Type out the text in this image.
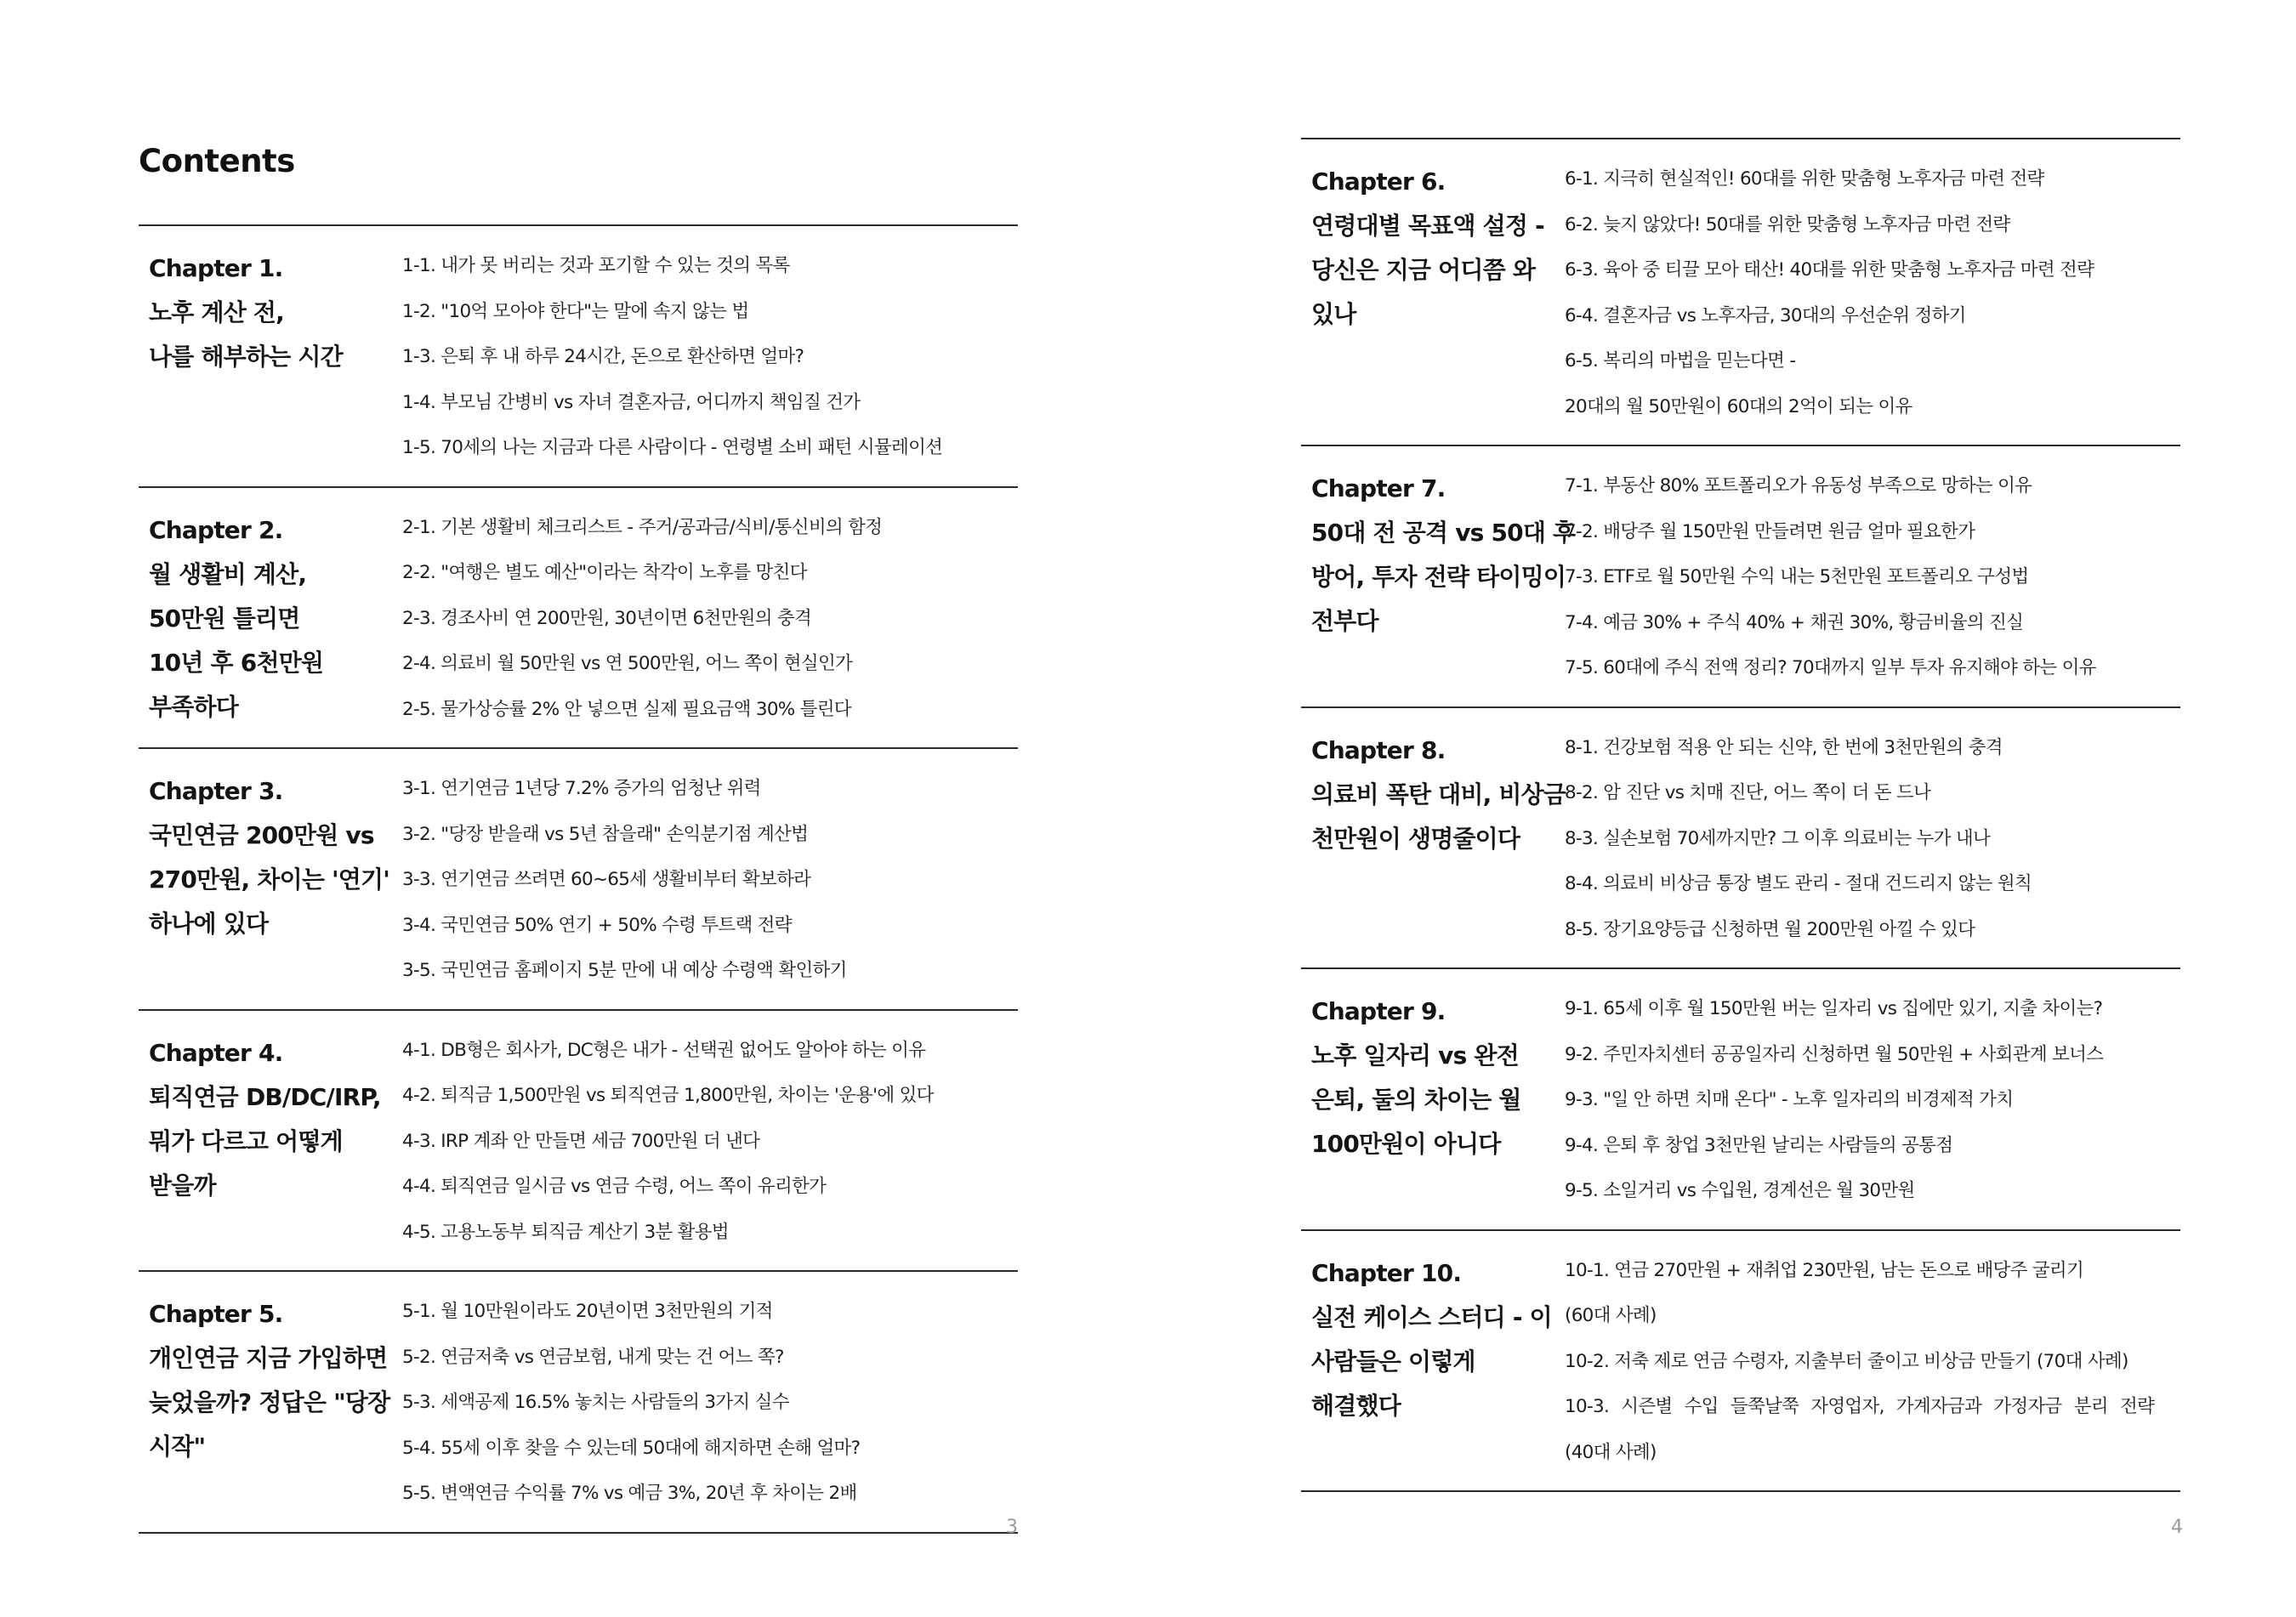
Contents
Chapter 1.
노후 계산 전,
나를 해부하는 시간
1-1. 내가 못 버리는 것과 포기할 수 있는 것의 목록
1-2. "10억 모아야 한다"는 말에 속지 않는 법
1-3. 은퇴 후 내 하루 24시간, 돈으로 환산하면 얼마?
1-4. 부모님 간병비 vs 자녀 결혼자금, 어디까지 책임질 건가
1-5. 70세의 나는 지금과 다른 사람이다 - 연령별 소비 패턴 시뮬레이션
Chapter 2.
월 생활비 계산,
50만원 틀리면
10년 후 6천만원
부족하다
2-1. 기본 생활비 체크리스트 - 주거/공과금/식비/통신비의 함정
2-2. "여행은 별도 예산"이라는 착각이 노후를 망친다
2-3. 경조사비 연 200만원, 30년이면 6천만원의 충격
2-4. 의료비 월 50만원 vs 연 500만원, 어느 쪽이 현실인가
2-5. 물가상승률 2% 안 넣으면 실제 필요금액 30% 틀린다
Chapter 3.
국민연금 200만원 vs
270만원, 차이는 '연기'
하나에 있다
3-1. 연기연금 1년당 7.2% 증가의 엄청난 위력
3-2. "당장 받을래 vs 5년 참을래" 손익분기점 계산법
3-3. 연기연금 쓰려면 60~65세 생활비부터 확보하라
3-4. 국민연금 50% 연기 + 50% 수령 투트랙 전략
3-5. 국민연금 홈페이지 5분 만에 내 예상 수령액 확인하기
Chapter 4.
퇴직연금 DB/DC/IRP,
뭐가 다르고 어떻게
받을까
4-1. DB형은 회사가, DC형은 내가 - 선택권 없어도 알아야 하는 이유
4-2. 퇴직금 1,500만원 vs 퇴직연금 1,800만원, 차이는 '운용'에 있다
4-3. IRP 계좌 안 만들면 세금 700만원 더 낸다
4-4. 퇴직연금 일시금 vs 연금 수령, 어느 쪽이 유리한가
4-5. 고용노동부 퇴직금 계산기 3분 활용법
Chapter 5.
개인연금 지금 가입하면
늦었을까? 정답은 "당장
시작"
5-1. 월 10만원이라도 20년이면 3천만원의 기적
5-2. 연금저축 vs 연금보험, 내게 맞는 건 어느 쪽?
5-3. 세액공제 16.5% 놓치는 사람들의 3가지 실수
5-4. 55세 이후 찾을 수 있는데 50대에 해지하면 손해 얼마?
5-5. 변액연금 수익률 7% vs 예금 3%, 20년 후 차이는 2배
3
Chapter 6.
연령대별 목표액 설정 -
당신은 지금 어디쯤 와
있나
6-1. 지극히 현실적인! 60대를 위한 맞춤형 노후자금 마련 전략
6-2. 늦지 않았다! 50대를 위한 맞춤형 노후자금 마련 전략
6-3. 육아 중 티끌 모아 태산! 40대를 위한 맞춤형 노후자금 마련 전략
6-4. 결혼자금 vs 노후자금, 30대의 우선순위 정하기
6-5. 복리의 마법을 믿는다면 -
20대의 월 50만원이 60대의 2억이 되는 이유
Chapter 7.
50대 전 공격 vs 50대 후
방어, 투자 전략 타이밍이
전부다
7-1. 부동산 80% 포트폴리오가 유동성 부족으로 망하는 이유
7-2. 배당주 월 150만원 만들려면 원금 얼마 필요한가
7-3. ETF로 월 50만원 수익 내는 5천만원 포트폴리오 구성법
7-4. 예금 30% + 주식 40% + 채권 30%, 황금비율의 진실
7-5. 60대에 주식 전액 정리? 70대까지 일부 투자 유지해야 하는 이유
Chapter 8.
의료비 폭탄 대비, 비상금
천만원이 생명줄이다
8-1. 건강보험 적용 안 되는 신약, 한 번에 3천만원의 충격
8-2. 암 진단 vs 치매 진단, 어느 쪽이 더 돈 드나
8-3. 실손보험 70세까지만? 그 이후 의료비는 누가 내나
8-4. 의료비 비상금 통장 별도 관리 - 절대 건드리지 않는 원칙
8-5. 장기요양등급 신청하면 월 200만원 아낄 수 있다
Chapter 9.
노후 일자리 vs 완전
은퇴, 둘의 차이는 월
100만원이 아니다
9-1. 65세 이후 월 150만원 버는 일자리 vs 집에만 있기, 지출 차이는?
9-2. 주민자치센터 공공일자리 신청하면 월 50만원 + 사회관계 보너스
9-3. "일 안 하면 치매 온다" - 노후 일자리의 비경제적 가치
9-4. 은퇴 후 창업 3천만원 날리는 사람들의 공통점
9-5. 소일거리 vs 수입원, 경계선은 월 30만원
Chapter 10.
실전 케이스 스터디 - 이
사람들은 이렇게
해결했다
10-1. 연금 270만원 + 재취업 230만원, 남는 돈으로 배당주 굴리기
(60대 사례)
10-2. 저축 제로 연금 수령자, 지출부터 줄이고 비상금 만들기 (70대 사례)
10-3. 시즌별 수입 들쭉날쭉 자영업자, 가계자금과 가정자금 분리 전략
(40대 사례)
4
